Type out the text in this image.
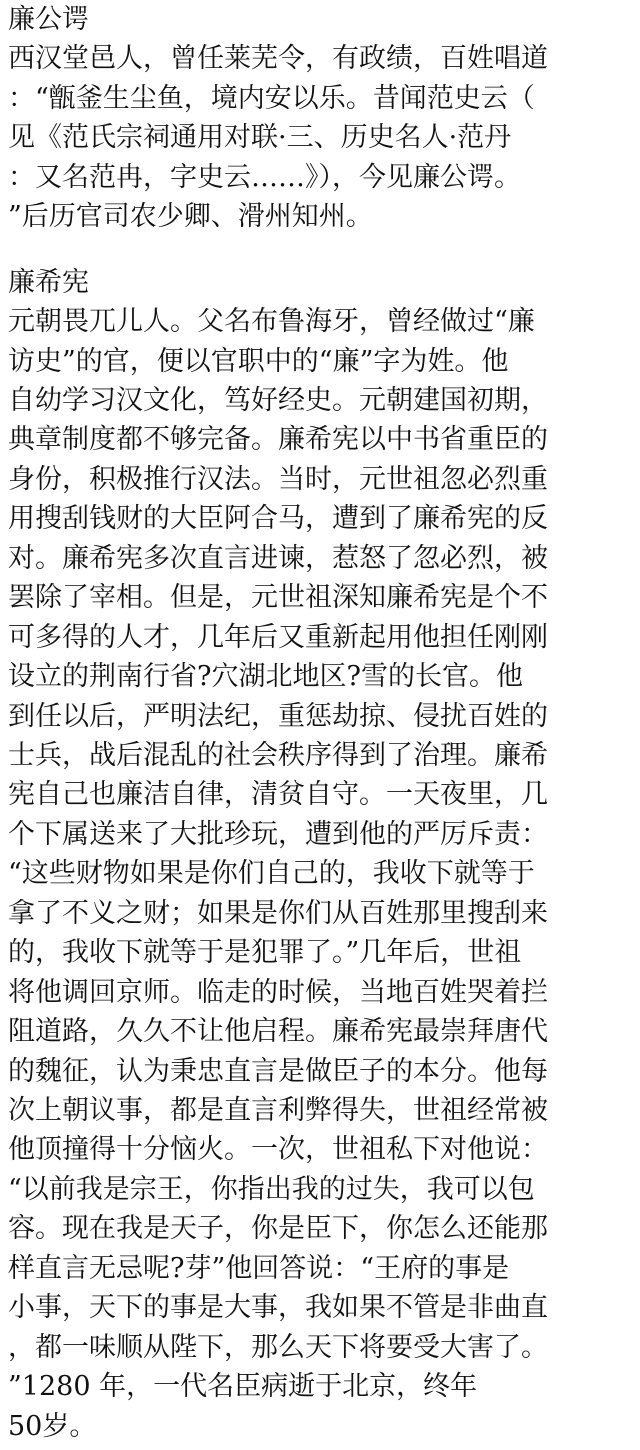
廉公谔
西汉堂邑人，曾任莱芜令，有政绩，百姓唱道
：“甑釜生尘鱼，境内安以乐。昔闻范史云（
见《范氏宗祠通用对联·三、历史名人·范丹
：又名范冉，字史云……》），今见廉公谔。
”后历官司农少卿、滑州知州。
廉希宪
元朝畏兀儿人。父名布鲁海牙，曾经做过“廉
访史”的官，便以官职中的“廉”字为姓。他
自幼学习汉文化，笃好经史。元朝建国初期，
典章制度都不够完备。廉希宪以中书省重臣的
身份，积极推行汉法。当时，元世祖忽必烈重
用搜刮钱财的大臣阿合马，遭到了廉希宪的反
对。廉希宪多次直言进谏，惹怒了忽必烈，被
罢除了宰相。但是，元世祖深知廉希宪是个不
可多得的人才，几年后又重新起用他担任刚刚
设立的荆南行省?穴湖北地区?雪的长官。他
到任以后，严明法纪，重惩劫掠、侵扰百姓的
士兵，战后混乱的社会秩序得到了治理。廉希
宪自己也廉洁自律，清贫自守。一天夜里，几
个下属送来了大批珍玩，遭到他的严厉斥责：
“这些财物如果是你们自己的，我收下就等于
拿了不义之财；如果是你们从百姓那里搜刮来
的，我收下就等于是犯罪了。”几年后，世祖
将他调回京师。临走的时候，当地百姓哭着拦
阻道路，久久不让他启程。廉希宪最崇拜唐代
的魏征，认为秉忠直言是做臣子的本分。他每
次上朝议事，都是直言利弊得失，世祖经常被
他顶撞得十分恼火。一次，世祖私下对他说：
“以前我是宗王，你指出我的过失，我可以包
容。现在我是天子，你是臣下，你怎么还能那
样直言无忌呢?芽”他回答说：“王府的事是
小事，天下的事是大事，我如果不管是非曲直
，都一味顺从陛下，那么天下将要受大害了。
”1280 年，一代名臣病逝于北京，终年
50岁。
